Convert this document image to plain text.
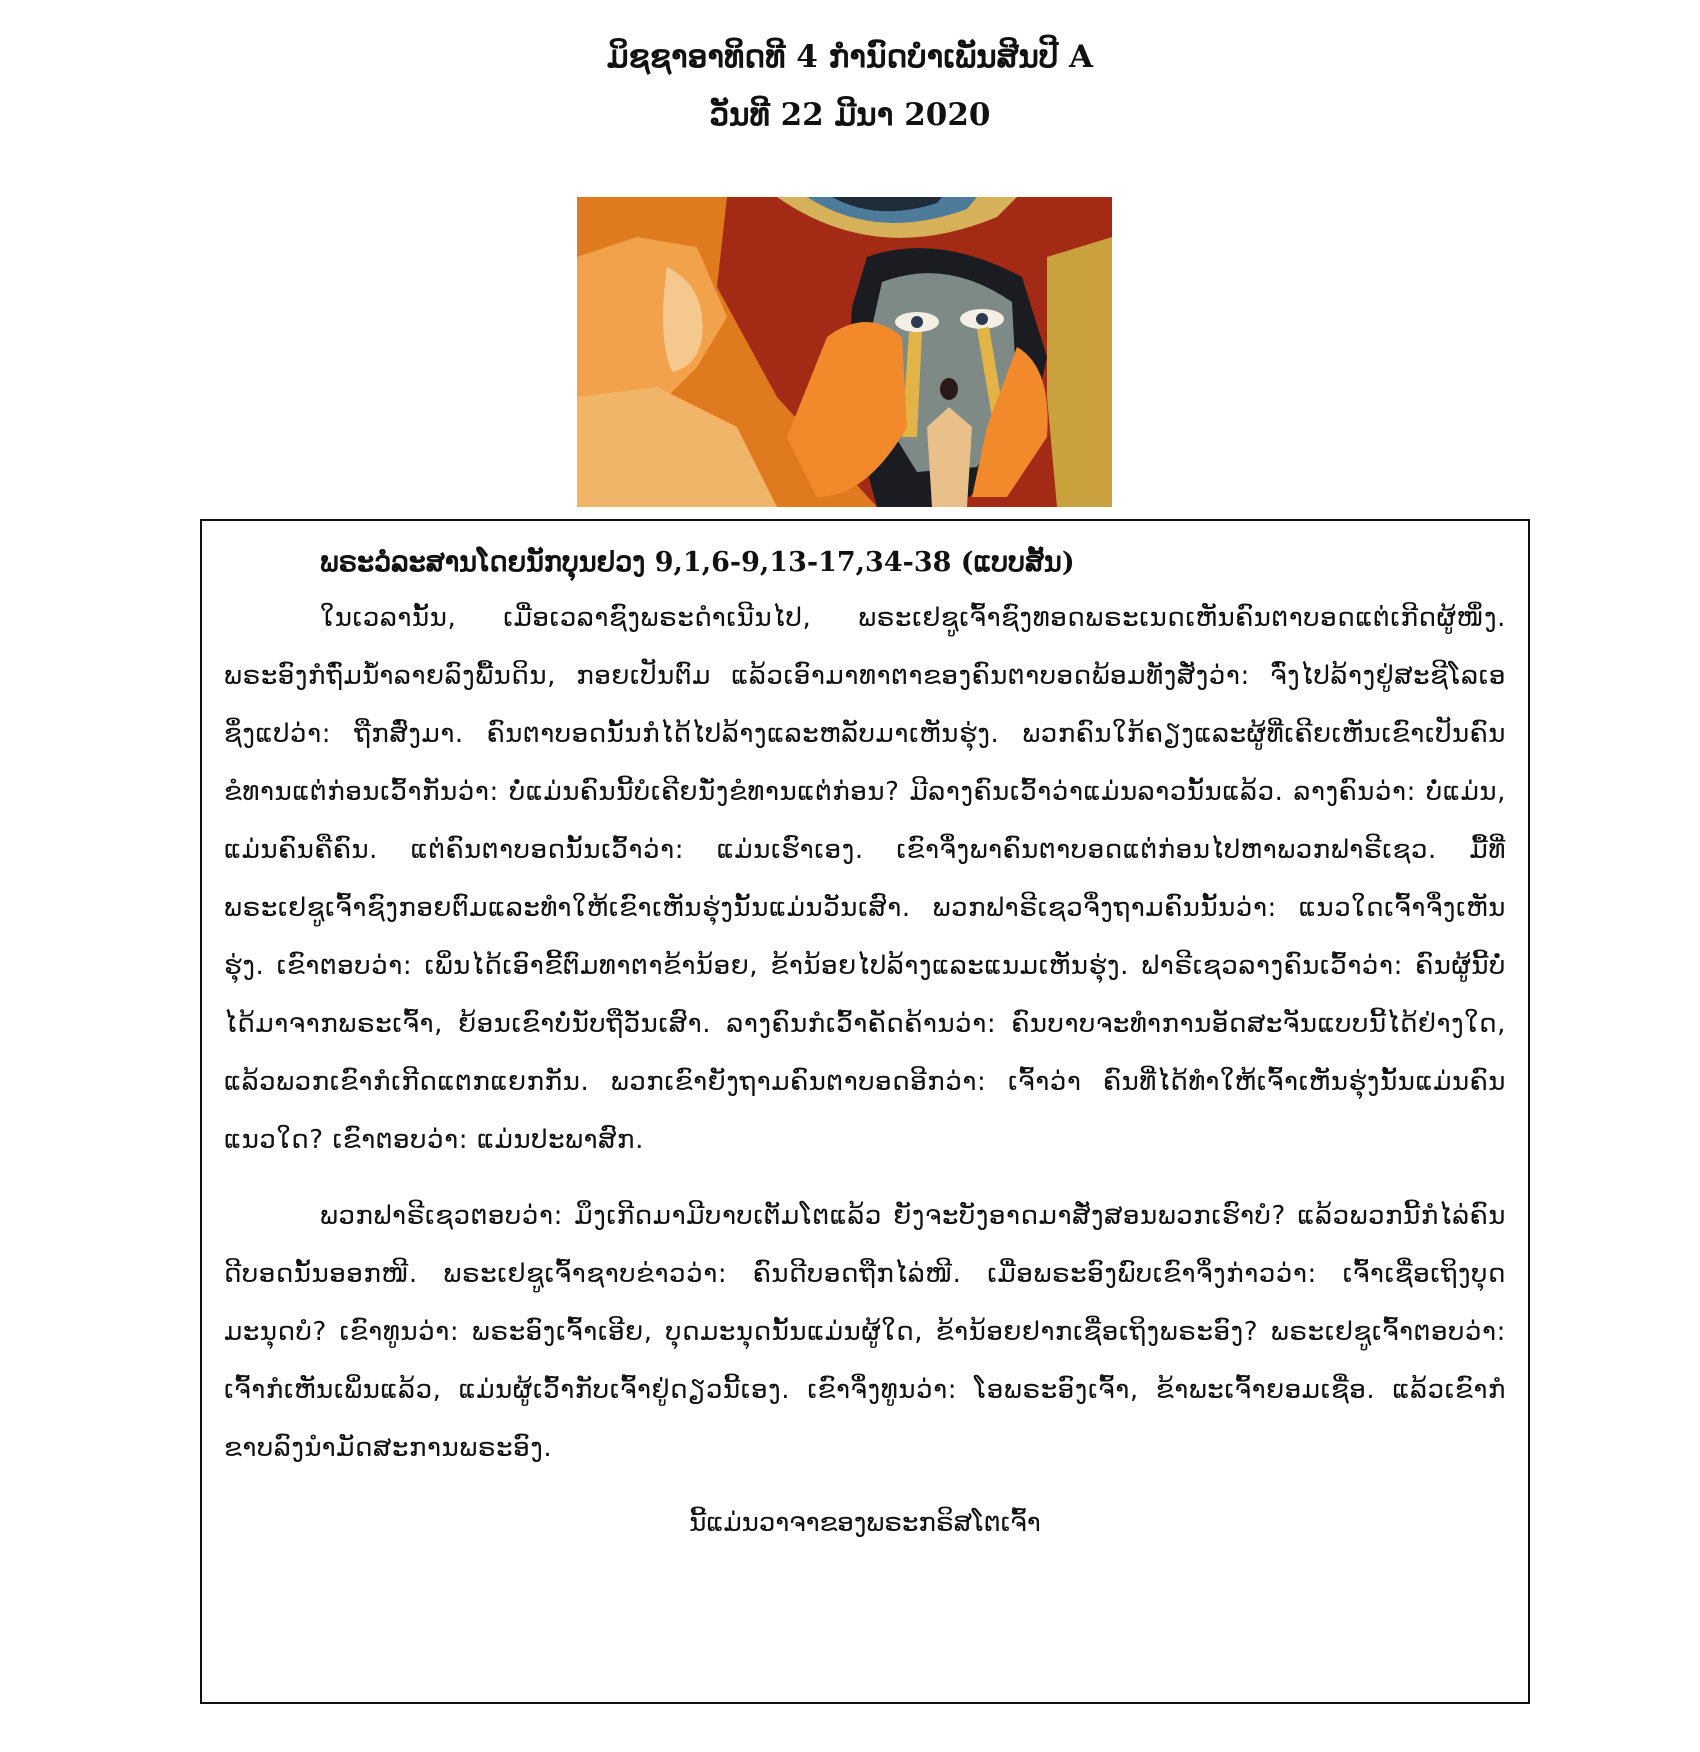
ມິຊຊາອາທິດທີ 4 ກຳນົດບຳເພັນສີນປີ A
ວັນທີ 22 ມີນາ 2020
ພຣະວໍລະສານໂດຍນັກບຸນຢວງ 9,1,6-9,13-17,34-38 (ແບບສັ້ນ)

ໃນເວລານັ້ນ, ເມື່ອເວລາຊົງພຣະດຳເນີນໄປ, ພຣະເຢຊູເຈົ້າຊົງທອດພຣະເນດເຫັນຄົນຕາບອດແຕ່ເກີດຜູ້ໜຶ່ງ. ພຣະອົງກໍຖົ່ມນ້ຳລາຍລົງພື້ນດິນ, ກອຍເປັນຕົມ ແລ້ວເອົາມາທາຕາຂອງຄົນຕາບອດພ້ອມທັງສັ່ງວ່າ: ຈົ່ງໄປລ້າງຢູ່ສະຊີໂລເອ ຊຶ່ງແປວ່າ: ຖືກສົ່ງມາ. ຄົນຕາບອດນັ້ນກໍໄດ້ໄປລ້າງແລະຫລັບມາເຫັນຮຸ່ງ. ພວກຄົນໃກ້ຄຽງແລະຜູ້ທີ່ເຄີຍເຫັນເຂົາເປັນຄົນຂໍທານແຕ່ກ່ອນເວົ້າກັນວ່າ: ບໍ່ແມ່ນຄົນນີ້ບໍເຄີຍນັ່ງຂໍທານແຕ່ກ່ອນ? ມີລາງຄົນເວົ້າວ່າແມ່ນລາວນັ້ນແລ້ວ. ລາງຄົນວ່າ: ບໍ່ແມ່ນ, ແມ່ນຄົນຄືຄົນ. ແຕ່ຄົນຕາບອດນັ້ນເວົ້າວ່າ: ແມ່ນເຮົາເອງ. ເຂົາຈຶ່ງພາຄົນຕາບອດແຕ່ກ່ອນໄປຫາພວກຟາຣີເຊວ. ມື້ທີ່ພຣະເຢຊູເຈົ້າຊົງກອຍຕົມແລະທຳໃຫ້ເຂົາເຫັນຮຸ່ງນັ້ນແມ່ນວັນເສົາ. ພວກຟາຣີເຊວຈຶ່ງຖາມຄົນນັ້ນວ່າ: ແນວໃດເຈົ້າຈຶ່ງເຫັນຮຸ່ງ. ເຂົາຕອບວ່າ: ເພິ່ນໄດ້ເອົາຂີ້ຕົມທາຕາຂ້ານ້ອຍ, ຂ້ານ້ອຍໄປລ້າງແລະແນມເຫັນຮຸ່ງ. ຟາຣີເຊວລາງຄົນເວົ້າວ່າ: ຄົນຜູ້ນີ້ບໍ່ໄດ້ມາຈາກພຣະເຈົ້າ, ຍ້ອນເຂົາບໍ່ນັບຖືວັນເສົາ. ລາງຄົນກໍເວົ້າຄັດຄ້ານວ່າ: ຄົນບາບຈະທຳການອັດສະຈັນແບບນີ້ໄດ້ຢ່າງໃດ, ແລ້ວພວກເຂົາກໍເກີດແຕກແຍກກັນ. ພວກເຂົາຍັງຖາມຄົນຕາບອດອີກວ່າ: ເຈົ້າວ່າ ຄົນທີ່ໄດ້ທຳໃຫ້ເຈົ້າເຫັນຮຸ່ງນັ້ນແມ່ນຄົນແນວໃດ? ເຂົາຕອບວ່າ: ແມ່ນປະພາສົກ.

ພວກຟາຣີເຊວຕອບວ່າ: ມຶງເກີດມາມີບາບເຕັມໂຕແລ້ວ ຍັງຈະບັງອາດມາສັ່ງສອນພວກເຮົາບໍ? ແລ້ວພວກນີ້ກໍໄລ່ຄົນດີບອດນັ້ນອອກໜີ. ພຣະເຢຊູເຈົ້າຊາບຂ່າວວ່າ: ຄົນດີບອດຖືກໄລ່ໜີ. ເມື່ອພຣະອົງພົບເຂົາຈຶ່ງກ່າວວ່າ: ເຈົ້າເຊື່ອເຖິງບຸດມະນຸດບໍ? ເຂົາທູນວ່າ: ພຣະອົງເຈົ້າເອີຍ, ບຸດມະນຸດນັ້ນແມ່ນຜູ້ໃດ, ຂ້ານ້ອຍຢາກເຊື່ອເຖິງພຣະອົງ? ພຣະເຢຊູເຈົ້າຕອບວ່າ: ເຈົ້າກໍເຫັນເພິ່ນແລ້ວ, ແມ່ນຜູ້ເວົ້າກັບເຈົ້າຢູ່ດຽວນີ້ເອງ. ເຂົາຈຶ່ງທູນວ່າ: ໂອພຣະອົງເຈົ້າ, ຂ້າພະເຈົ້າຍອມເຊື່ອ. ແລ້ວເຂົາກໍຂາບລົງນຳມັດສະການພຣະອົງ.

ນີ້ແມ່ນວາຈາຂອງພຣະກຣິສໂຕເຈົ້າ
